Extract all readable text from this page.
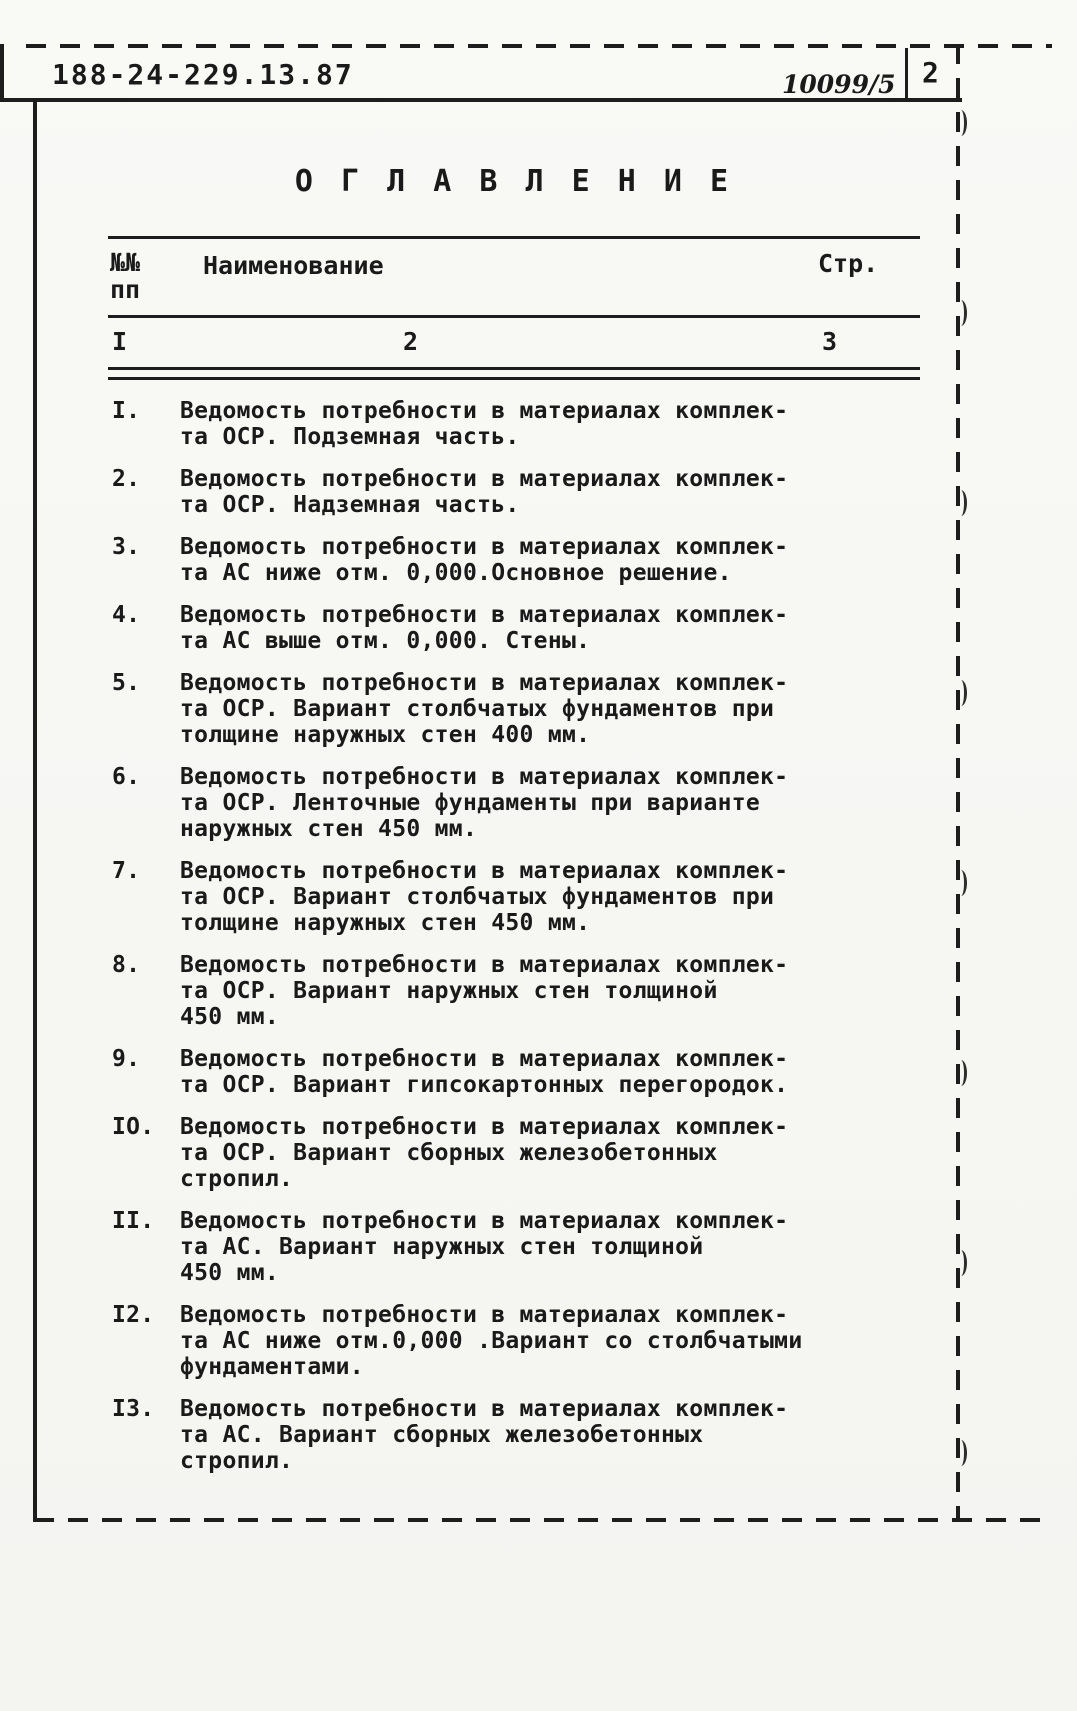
188-24-229.13.87	10099/5 2
О Г Л А В Л Е Н И Е
№№
пп
Наименование	Стр.
I	2	3
I.	Ведомость потребности в материалах комплек-
та ОСР. Подземная часть.
2.	Ведомость потребности в материалах комплек-
та ОСР. Надземная часть.
3.	Ведомость потребности в материалах комплек-
та АС ниже отм. 0,000.Основное решение.
4.	Ведомость потребности в материалах комплек-
та АС выше отм. 0,000. Стены.
5.	Ведомость потребности в материалах комплек-
та ОСР. Вариант столбчатых фундаментов при
толщине наружных стен 400 мм.
6.	Ведомость потребности в материалах комплек-
та ОСР. Ленточные фундаменты при варианте
наружных стен 450 мм.
7.	Ведомость потребности в материалах комплек-
та ОСР. Вариант столбчатых фундаментов при
толщине наружных стен 450 мм.
8.	Ведомость потребности в материалах комплек-
та ОСР. Вариант наружных стен толщиной
450 мм.
9.	Ведомость потребности в материалах комплек-
та ОСР. Вариант гипсокартонных перегородок.
IO.	Ведомость потребности в материалах комплек-
та ОСР. Вариант сборных железобетонных
стропил.
II.	Ведомость потребности в материалах комплек-
та АС. Вариант наружных стен толщиной
450 мм.
I2.	Ведомость потребности в материалах комплек-
та АС ниже отм.0,000 .Вариант со столбчатыми
фундаментами.
I3.	Ведомость потребности в материалах комплек-
та АС. Вариант сборных железобетонных
стропил.
